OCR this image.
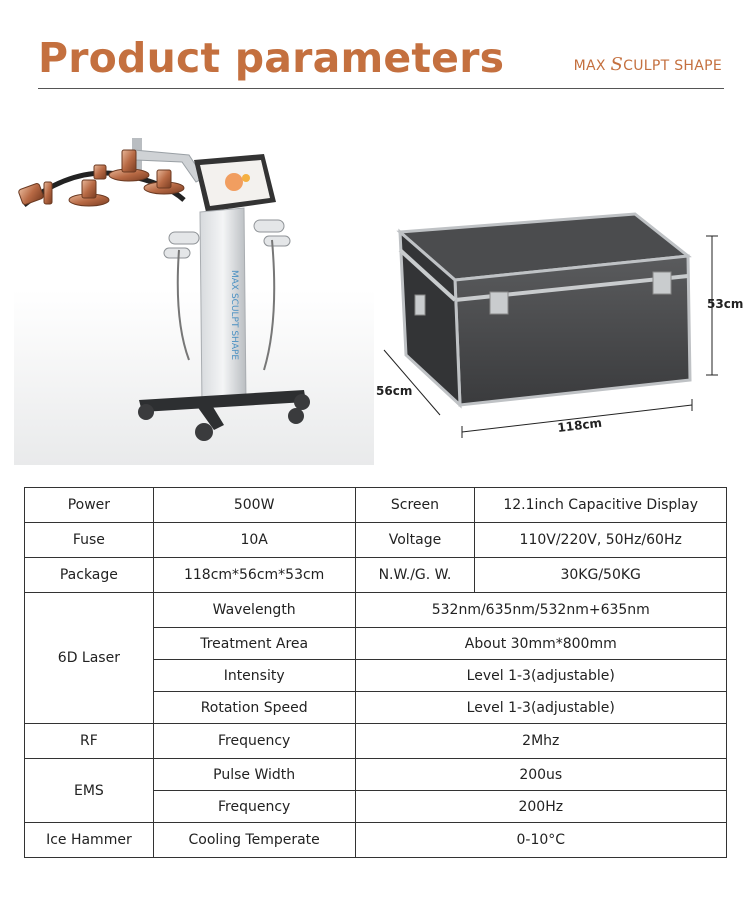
Product parameters	MAX SCULPT SHAPE
MAX SCULPT SHAPE	53cm
56cm
118cm
Power	500W	Screen	12.1inch Capacitive Display
Fuse	10A	Voltage	110V/220V, 50Hz/60Hz
Package	118cm*56cm*53cm	N.W./G. W.	30KG/50KG
6D Laser	Wavelength	532nm/635nm/532nm+635nm	
	Treatment Area	About 30mm*800mm	
	Intensity	Level 1-3(adjustable)	
	Rotation Speed	Level 1-3(adjustable)	
RF	Frequency	2Mhz	
EMS	Pulse Width	200us	
	Frequency	200Hz	
Ice Hammer	Cooling Temperate	0-10°C	
